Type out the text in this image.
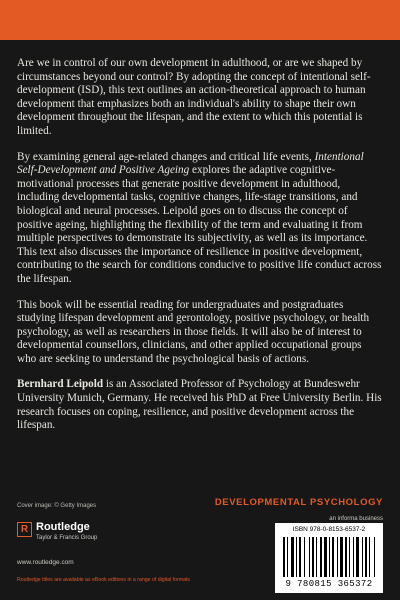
Are we in control of our own development in adulthood, or are we shaped by circumstances beyond our control? By adopting the concept of intentional self-development (ISD), this text outlines an action-theoretical approach to human development that emphasizes both an individual's ability to shape their own development throughout the lifespan, and the extent to which this potential is limited.

By examining general age-related changes and critical life events, Intentional Self-Development and Positive Ageing explores the adaptive cognitive-motivational processes that generate positive development in adulthood, including developmental tasks, cognitive changes, life-stage transitions, and biological and neural processes. Leipold goes on to discuss the concept of positive ageing, highlighting the flexibility of the term and evaluating it from multiple perspectives to demonstrate its subjectivity, as well as its importance. This text also discusses the importance of resilience in positive development, contributing to the search for conditions conducive to positive life conduct across the lifespan.

This book will be essential reading for undergraduates and postgraduates studying lifespan development and gerontology, positive psychology, or health psychology, as well as researchers in those fields. It will also be of interest to developmental counsellors, clinicians, and other applied occupational groups who are seeking to understand the psychological basis of actions.

Bernhard Leipold is an Associated Professor of Psychology at Bundeswehr University Munich, Germany. He received his PhD at Free University Berlin. His research focuses on coping, resilience, and positive development across the lifespan.

Cover image: © Getty Images	DEVELOPMENTAL PSYCHOLOGY
R Routledge
Taylor & Francis Group
www.routledge.com
Routledge titles are available as eBook editions in a range of digital formats
an informa business
ISBN 978-0-8153-6537-2
9 780815 365372
